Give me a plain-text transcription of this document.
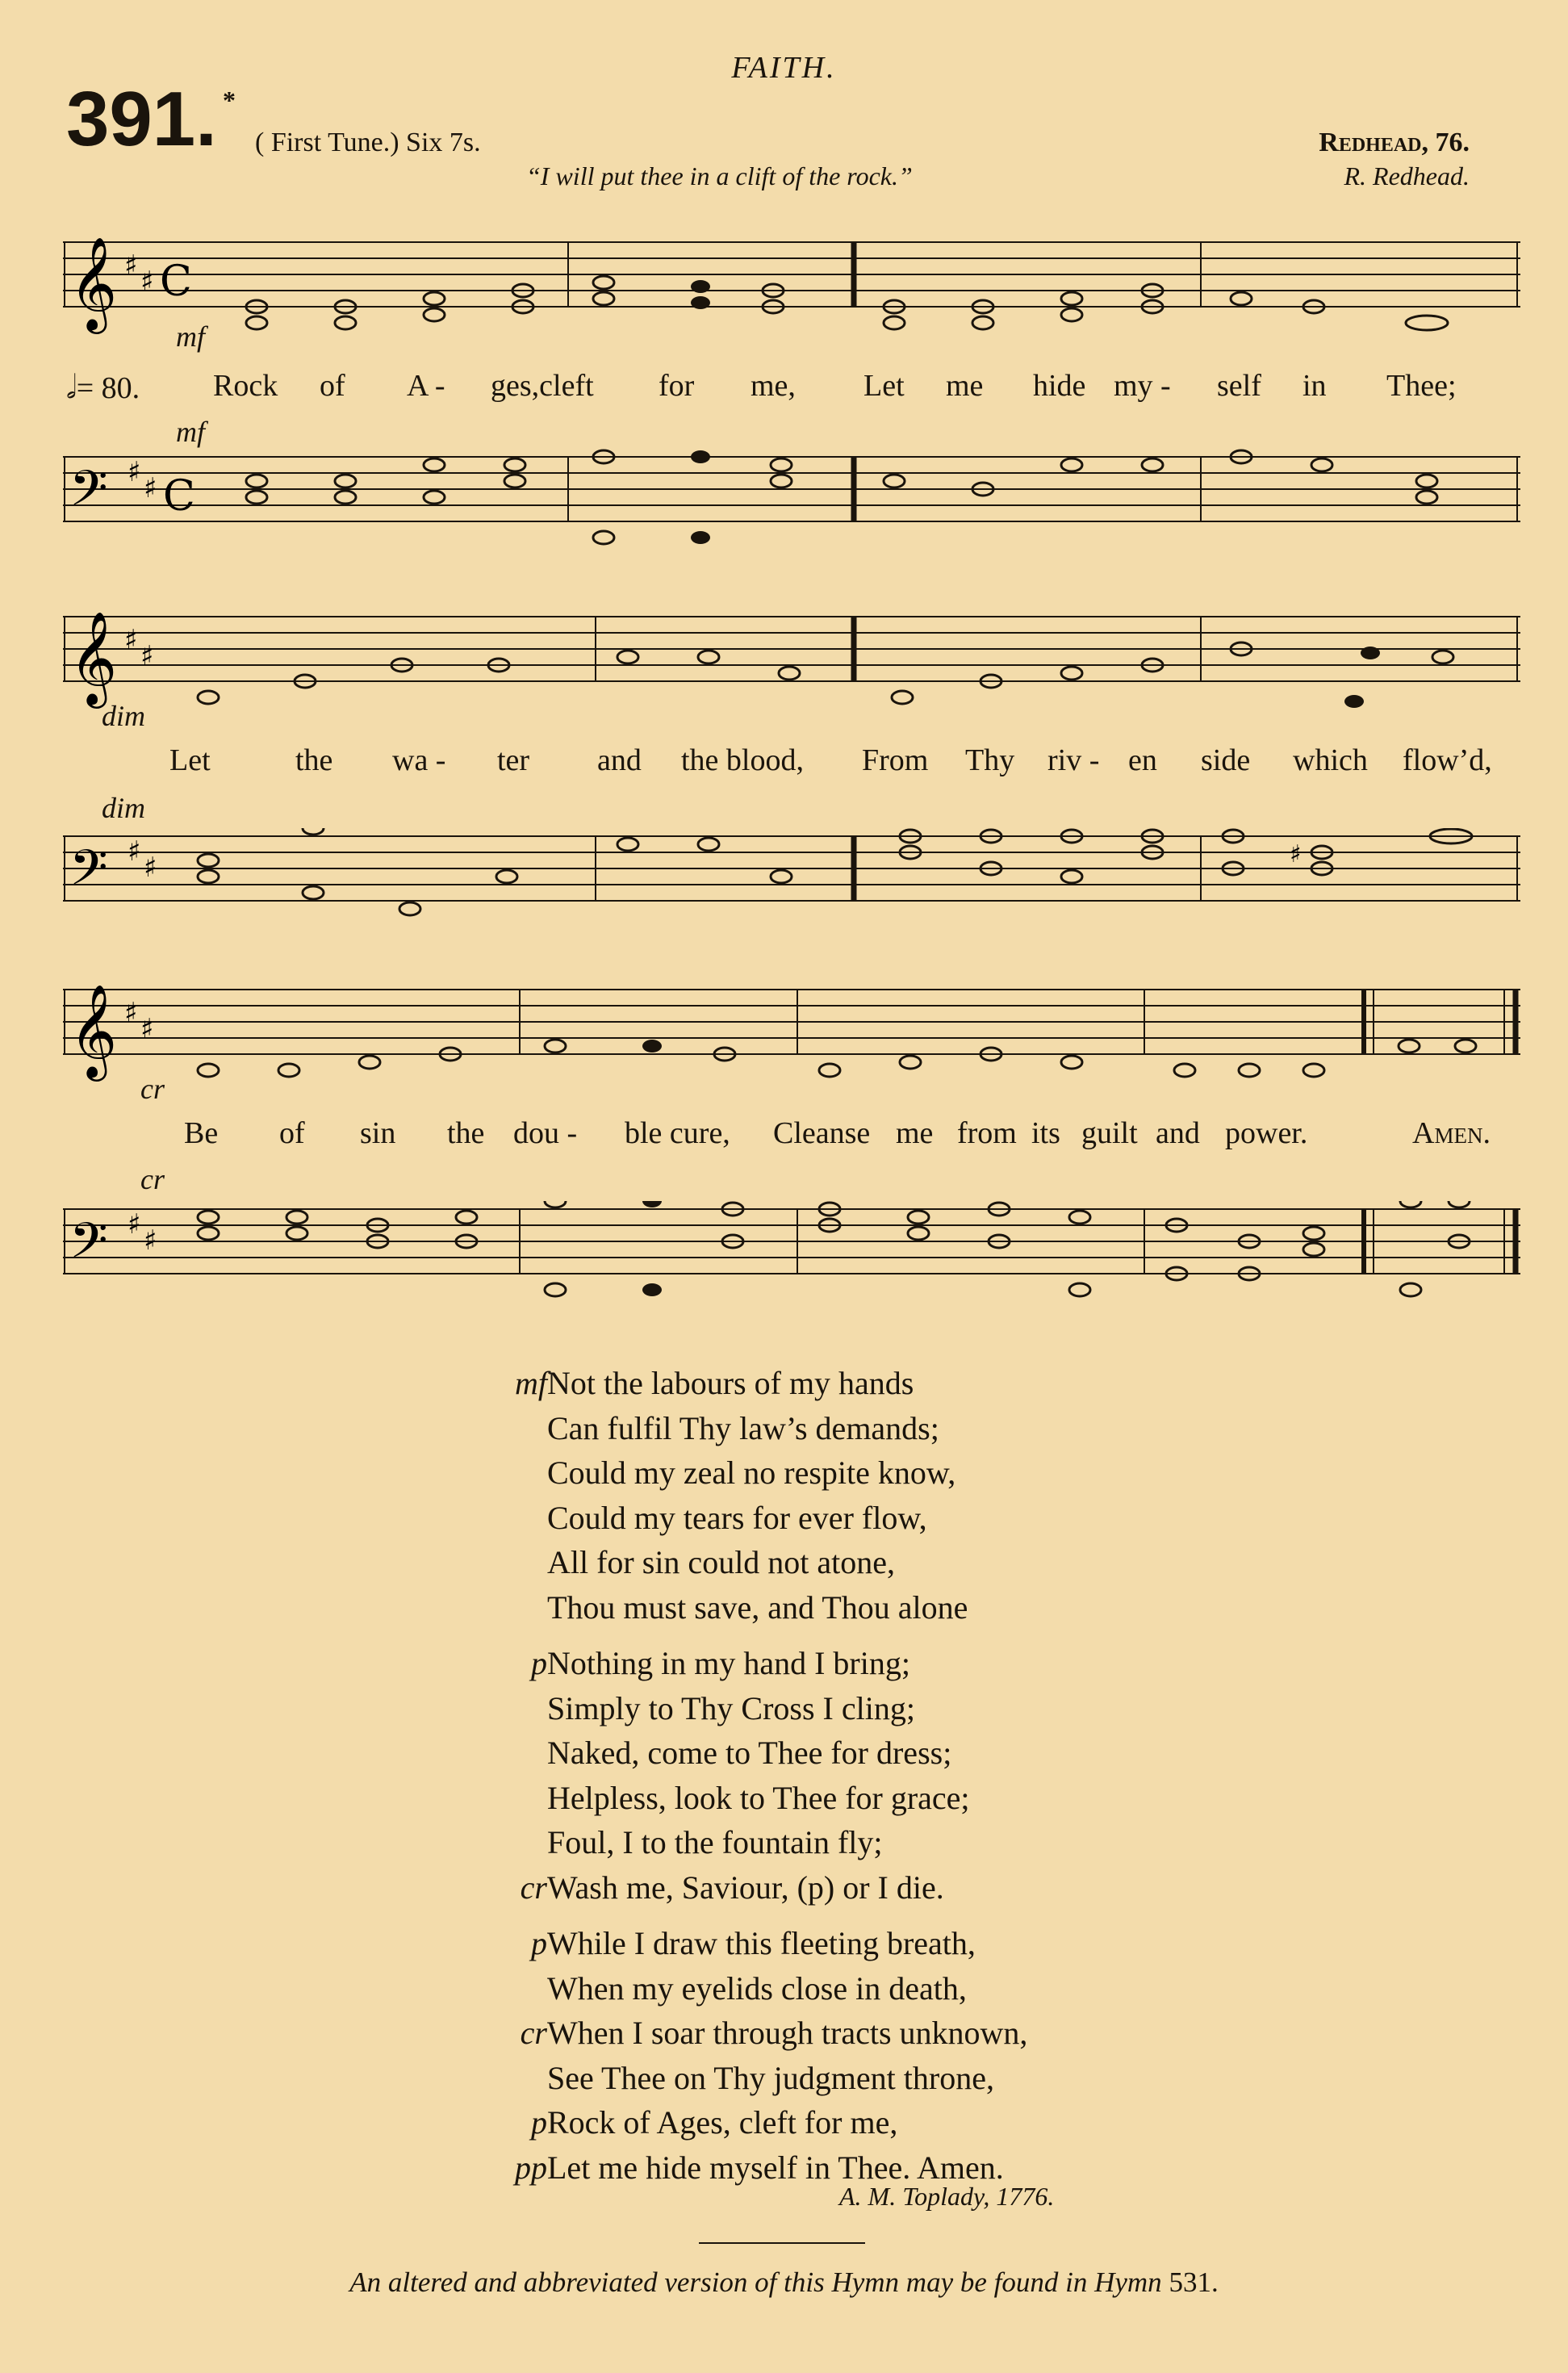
FAITH.
391. *
( First Tune.) Six 7s.	Redhead, 76.
“I will put thee in a clift of the rock.”	R. Redhead.
𝄞 ♯ ♯ C
mf
𝅗𝅥= 80. Rock of A - ges,cleft for me, Let me hide my - self in Thee;
mf
𝄢 ♯ ♯ C
𝄞 ♯ ♯
dim
Let	the wa - ter and the blood, From Thy riv - en side which flow’d,
dim
𝄢 ♯ ♯	♯
𝄞 ♯ ♯
cr
Be of sin the dou - ble cure, Cleanse me from its guilt and power.	Amen.
cr
𝄢 ♯ ♯
mf Not the labours of my hands
Can fulfil Thy law’s demands;
Could my zeal no respite know,
Could my tears for ever flow,
All for sin could not atone,
Thou must save, and Thou alone
p Nothing in my hand I bring;
Simply to Thy Cross I cling;
Naked, come to Thee for dress;
Helpless, look to Thee for grace;
Foul, I to the fountain fly;
cr Wash me, Saviour, (p) or I die.
p While I draw this fleeting breath,
When my eyelids close in death,
cr When I soar through tracts unknown,
See Thee on Thy judgment throne,
p Rock of Ages, cleft for me,
pp Let me hide myself in Thee. Amen.
A. M. Toplady, 1776.
An altered and abbreviated version of this Hymn may be found in Hymn 531.
